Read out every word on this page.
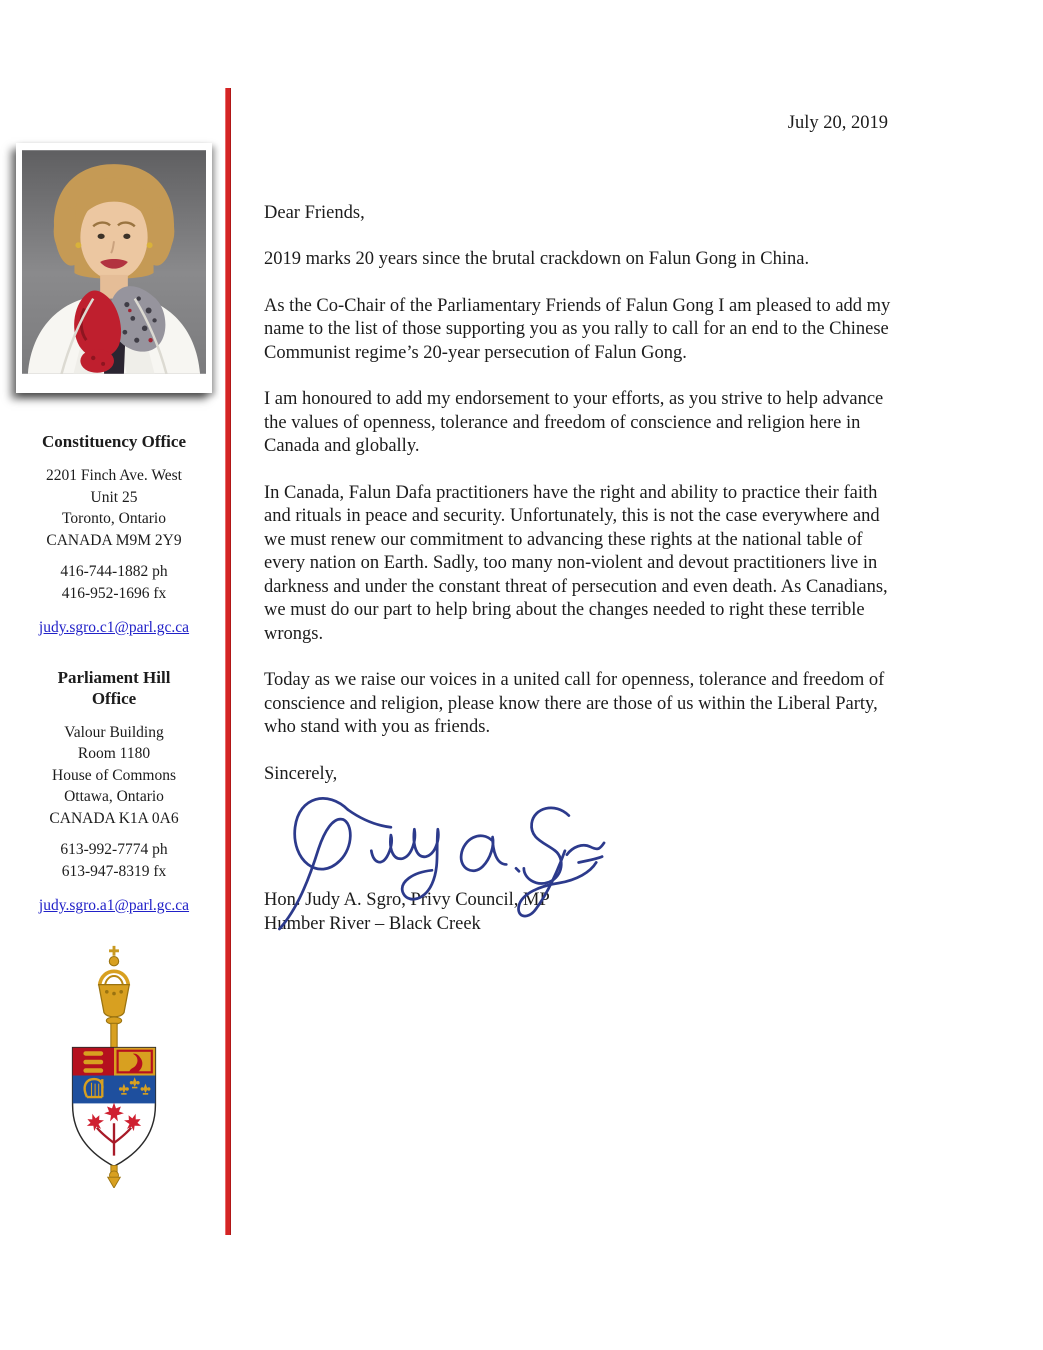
Constituency Office
2201 Finch Ave. West
Unit 25
Toronto, Ontario
CANADA M9M 2Y9
416-744-1882 ph
416-952-1696 fx
judy.sgro.c1@parl.gc.ca
Parliament Hill Office
Valour Building
Room 1180
House of Commons
Ottawa, Ontario
CANADA K1A 0A6
613-992-7774 ph
613-947-8319 fx
judy.sgro.a1@parl.gc.ca
July 20, 2019

Dear Friends,

2019 marks 20 years since the brutal crackdown on Falun Gong in China.

As the Co-Chair of the Parliamentary Friends of Falun Gong I am pleased to add my name to the list of those supporting you as you rally to call for an end to the Chinese Communist regime’s 20-year persecution of Falun Gong.

I am honoured to add my endorsement to your efforts, as you strive to help advance the values of openness, tolerance and freedom of conscience and religion here in Canada and globally.

In Canada, Falun Dafa practitioners have the right and ability to practice their faith and rituals in peace and security. Unfortunately, this is not the case everywhere and we must renew our commitment to advancing these rights at the national table of every nation on Earth. Sadly, too many non-violent and devout practitioners live in darkness and under the constant threat of persecution and even death. As Canadians, we must do our part to help bring about the changes needed to right these terrible wrongs.

Today as we raise our voices in a united call for openness, tolerance and freedom of conscience and religion, please know there are those of us within the Liberal Party, who stand with you as friends.

Sincerely,

Hon. Judy A. Sgro, Privy Council, MP
Humber River – Black Creek
